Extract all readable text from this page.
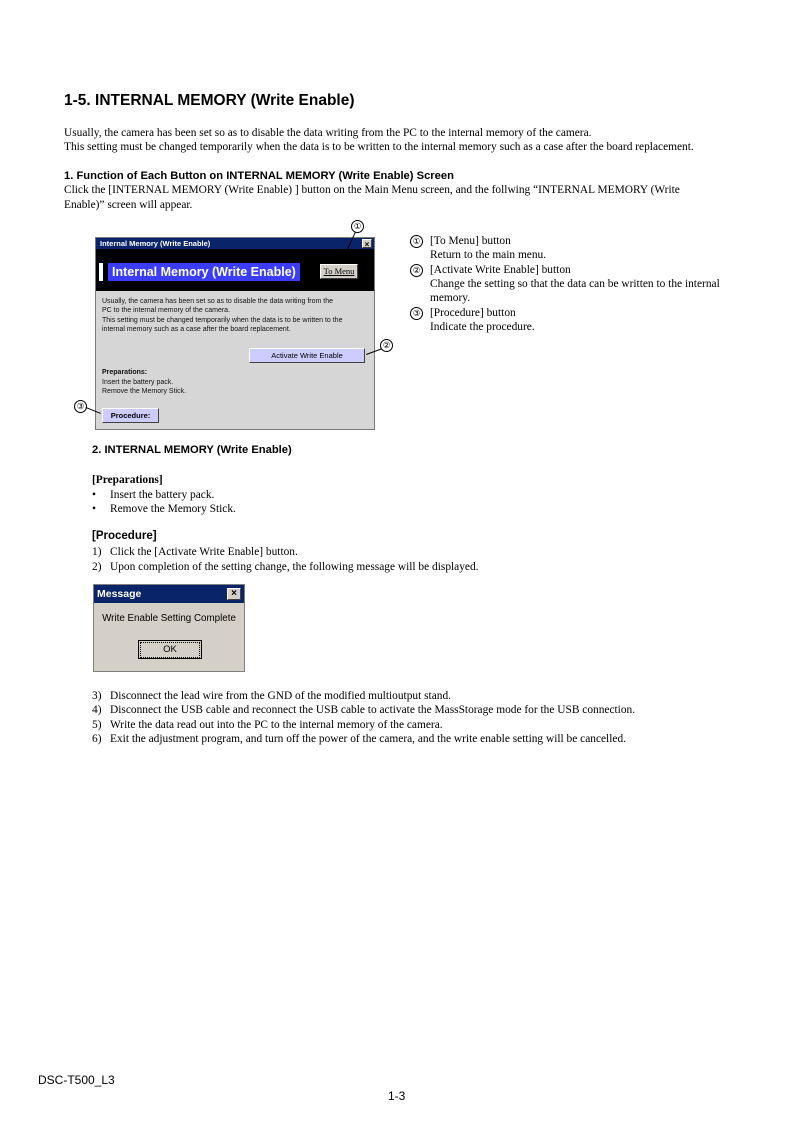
1-5. INTERNAL MEMORY (Write Enable)

Usually, the camera has been set so as to disable the data writing from the PC to the internal memory of the camera.

This setting must be changed temporarily when the data is to be written to the internal memory such as a case after the board replacement.

1. Function of Each Button on INTERNAL MEMORY (Write Enable) Screen

Click the [INTERNAL MEMORY (Write Enable) ] button on the Main Menu screen, and the follwing “INTERNAL MEMORY (Write

Enable)” screen will appear.

①
②
③
Internal Memory (Write Enable)	×
Internal Memory (Write Enable)	To Menu
Usually, the camera has been set so as to disable the data writing from the
PC to the internal memory of the camera.
This setting must be changed temporarily when the data is to be written to the
internal memory such as a case after the board replacement.
Activate Write Enable
Preparations:
Insert the battery pack.
Remove the Memory Stick.
Procedure:
① [To Menu] button
Return to the main menu.
② [Activate Write Enable] button
Change the setting so that the data can be written to the internal
memory.
③ [Procedure] button
Indicate the procedure.

2. INTERNAL MEMORY (Write Enable)

[Preparations]

• Insert the battery pack.
• Remove the Memory Stick.

[Procedure]

1) Click the [Activate Write Enable] button.
2) Upon completion of the setting change, the following message will be displayed.
Message	×
Write Enable Setting Complete
OK
3) Disconnect the lead wire from the GND of the modified multioutput stand.
4) Disconnect the USB cable and reconnect the USB cable to activate the MassStorage mode for the USB connection.
5) Write the data read out into the PC to the internal memory of the camera.
6) Exit the adjustment program, and turn off the power of the camera, and the write enable setting will be cancelled.
DSC-T500_L3
1-3
